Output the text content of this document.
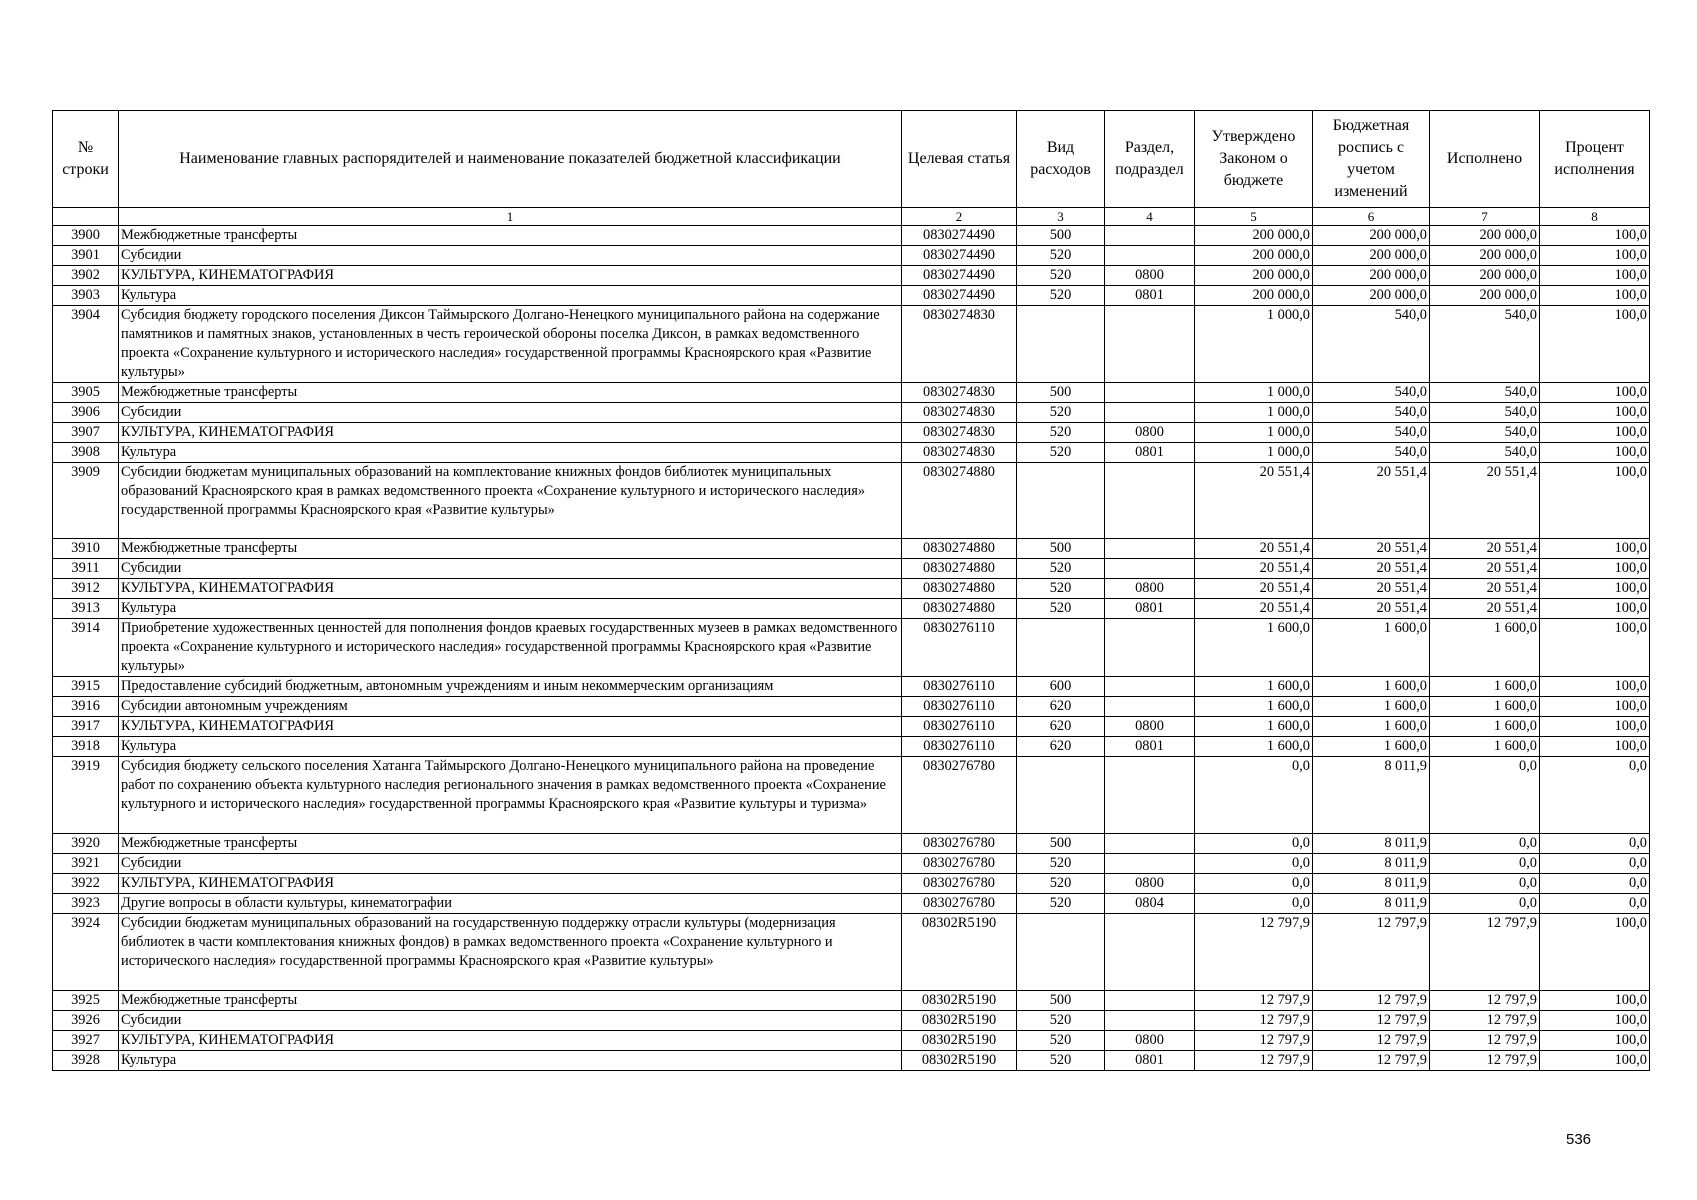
№ строки	Наименование главных распорядителей и наименование показателей бюджетной классификации	Целевая статья	Вид расходов	Раздел, подраздел	Утверждено Законом о бюджете	Бюджетная роспись с учетом изменений	Исполнено	Процент исполнения
	1	2	3	4	5	6	7	8
3900	Межбюджетные трансферты	0830274490	500		200 000,0	200 000,0	200 000,0	100,0
3901	Субсидии	0830274490	520		200 000,0	200 000,0	200 000,0	100,0
3902	КУЛЬТУРА, КИНЕМАТОГРАФИЯ	0830274490	520	0800	200 000,0	200 000,0	200 000,0	100,0
3903	Культура	0830274490	520	0801	200 000,0	200 000,0	200 000,0	100,0
3904	Субсидия бюджету городского поселения Диксон Таймырского Долгано-Ненецкого муниципального района на содержание памятников и памятных знаков, установленных в честь героической обороны поселка Диксон, в рамках ведомственного проекта «Сохранение культурного и исторического наследия» государственной программы Красноярского края «Развитие культуры»	0830274830			1 000,0	540,0	540,0	100,0
3905	Межбюджетные трансферты	0830274830	500		1 000,0	540,0	540,0	100,0
3906	Субсидии	0830274830	520		1 000,0	540,0	540,0	100,0
3907	КУЛЬТУРА, КИНЕМАТОГРАФИЯ	0830274830	520	0800	1 000,0	540,0	540,0	100,0
3908	Культура	0830274830	520	0801	1 000,0	540,0	540,0	100,0
3909	Субсидии бюджетам муниципальных образований на комплектование книжных фондов библиотек муниципальных образований Красноярского края в рамках ведомственного проекта «Сохранение культурного и исторического наследия» государственной программы Красноярского края «Развитие культуры»	0830274880			20 551,4	20 551,4	20 551,4	100,0
3910	Межбюджетные трансферты	0830274880	500		20 551,4	20 551,4	20 551,4	100,0
3911	Субсидии	0830274880	520		20 551,4	20 551,4	20 551,4	100,0
3912	КУЛЬТУРА, КИНЕМАТОГРАФИЯ	0830274880	520	0800	20 551,4	20 551,4	20 551,4	100,0
3913	Культура	0830274880	520	0801	20 551,4	20 551,4	20 551,4	100,0
3914	Приобретение художественных ценностей для пополнения фондов краевых государственных музеев в рамках ведомственного проекта «Сохранение культурного и исторического наследия» государственной программы Красноярского края «Развитие культуры»	0830276110			1 600,0	1 600,0	1 600,0	100,0
3915	Предоставление субсидий бюджетным, автономным учреждениям и иным некоммерческим организациям	0830276110	600		1 600,0	1 600,0	1 600,0	100,0
3916	Субсидии автономным учреждениям	0830276110	620		1 600,0	1 600,0	1 600,0	100,0
3917	КУЛЬТУРА, КИНЕМАТОГРАФИЯ	0830276110	620	0800	1 600,0	1 600,0	1 600,0	100,0
3918	Культура	0830276110	620	0801	1 600,0	1 600,0	1 600,0	100,0
3919	Субсидия бюджету сельского поселения Хатанга Таймырского Долгано-Ненецкого муниципального района на проведение работ по сохранению объекта культурного наследия регионального значения в рамках ведомственного проекта «Сохранение культурного и исторического наследия» государственной программы Красноярского края «Развитие культуры и туризма»	0830276780			0,0	8 011,9	0,0	0,0
3920	Межбюджетные трансферты	0830276780	500		0,0	8 011,9	0,0	0,0
3921	Субсидии	0830276780	520		0,0	8 011,9	0,0	0,0
3922	КУЛЬТУРА, КИНЕМАТОГРАФИЯ	0830276780	520	0800	0,0	8 011,9	0,0	0,0
3923	Другие вопросы в области культуры, кинематографии	0830276780	520	0804	0,0	8 011,9	0,0	0,0
3924	Субсидии бюджетам муниципальных образований на государственную поддержку отрасли культуры (модернизация библиотек в части комплектования книжных фондов) в рамках ведомственного проекта «Сохранение культурного и исторического наследия» государственной программы Красноярского края «Развитие культуры»	08302R5190			12 797,9	12 797,9	12 797,9	100,0
3925	Межбюджетные трансферты	08302R5190	500		12 797,9	12 797,9	12 797,9	100,0
3926	Субсидии	08302R5190	520		12 797,9	12 797,9	12 797,9	100,0
3927	КУЛЬТУРА, КИНЕМАТОГРАФИЯ	08302R5190	520	0800	12 797,9	12 797,9	12 797,9	100,0
3928	Культура	08302R5190	520	0801	12 797,9	12 797,9	12 797,9	100,0
536
